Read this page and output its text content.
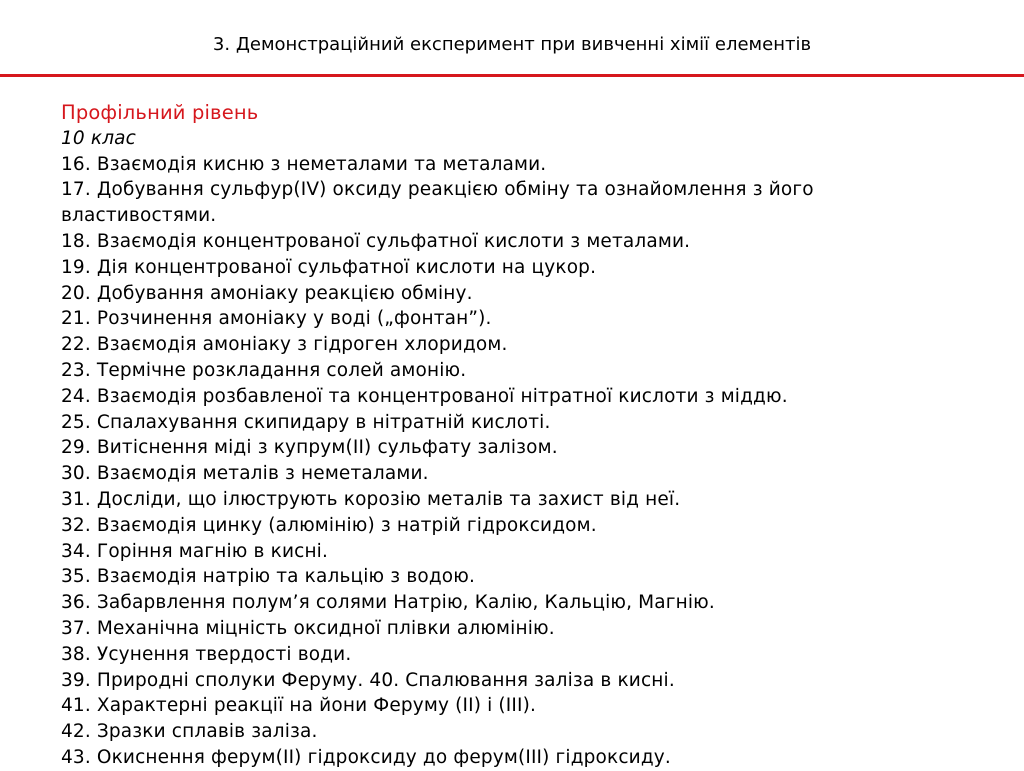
3. Демонстраційний експеримент при вивченні хімії елементів
Профільний рівень
10 клас
16. Взаємодія кисню з неметалами та металами.
17. Добування сульфур(IV) оксиду реакцією обміну та ознайомлення з його властивостями.
18. Взаємодія концентрованої сульфатної кислоти з металами.
19. Дія концентрованої сульфатної кислоти на цукор.
20. Добування амоніаку реакцією обміну.
21. Розчинення амоніаку у воді („фонтан”).
22. Взаємодія амоніаку з гідроген хлоридом.
23. Термічне розкладання солей амонію.
24. Взаємодія розбавленої та концентрованої нітратної кислоти з міддю.
25. Спалахування скипидару в нітратній кислоті.
29. Витіснення міді з купрум(II) сульфату залізом.
30. Взаємодія металів з неметалами.
31. Досліди, що ілюструють корозію металів та захист від неї.
32. Взаємодія цинку (алюмінію) з натрій гідроксидом.
34. Горіння магнію в кисні.
35. Взаємодія натрію та кальцію з водою.
36. Забарвлення полум’я солями Натрію, Калію, Кальцію, Магнію.
37. Механічна міцність оксидної плівки алюмінію.
38. Усунення твердості води.
39. Природні сполуки Феруму. 40. Спалювання заліза в кисні.
41. Характерні реакції на йони Феруму (II) і (III).
42. Зразки сплавів заліза.
43. Окиснення ферум(II) гідроксиду до ферум(III) гідроксиду.
